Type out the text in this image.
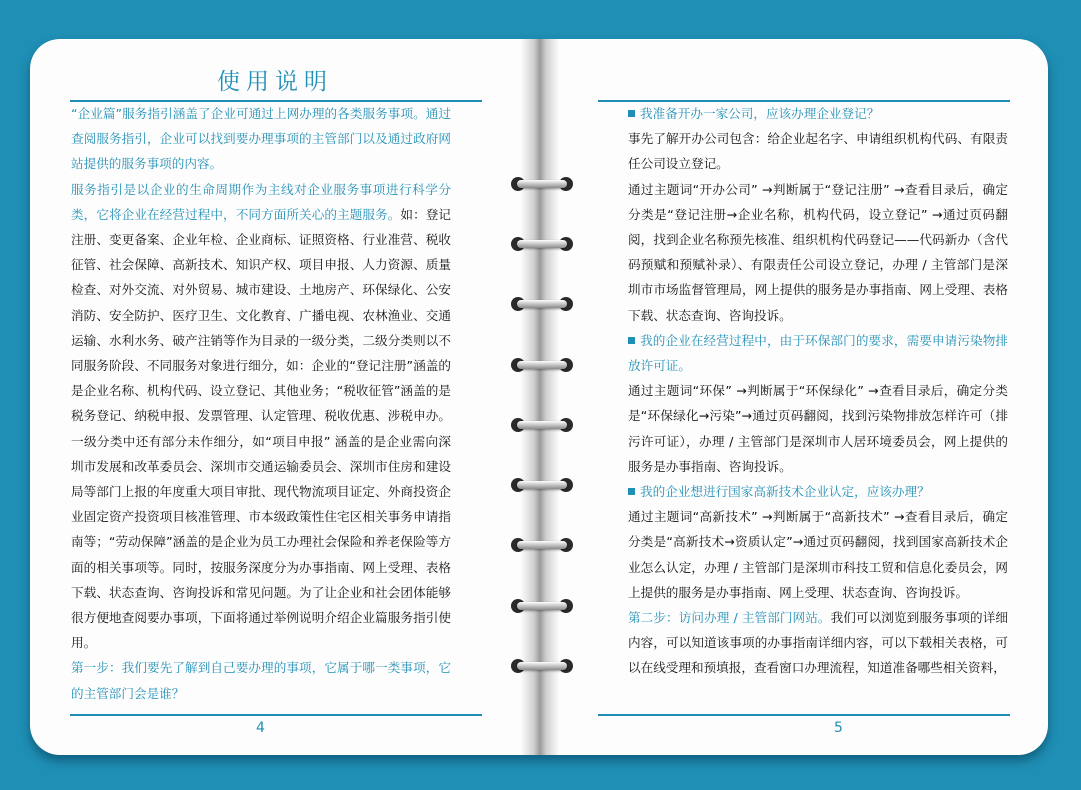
使用说明

“企业篇”服务指引涵盖了企业可通过上网办理的各类服务事项。通过查阅服务指引，企业可以找到要办理事项的主管部门以及通过政府网站提供的服务事项的内容。

服务指引是以企业的生命周期作为主线对企业服务事项进行科学分类，它将企业在经营过程中，不同方面所关心的主题服务。如：登记注册、变更备案、企业年检、企业商标、证照资格、行业准营、税收征管、社会保障、高新技术、知识产权、项目申报、人力资源、质量检查、对外交流、对外贸易、城市建设、土地房产、环保绿化、公安消防、安全防护、医疗卫生、文化教育、广播电视、农林渔业、交通运输、水利水务、破产注销等作为目录的一级分类，二级分类则以不同服务阶段、不同服务对象进行细分，如：企业的“登记注册”涵盖的是企业名称、机构代码、设立登记、其他业务；“税收征管”涵盖的是税务登记、纳税申报、发票管理、认定管理、税收优惠、涉税申办。一级分类中还有部分未作细分，如“项目申报” 涵盖的是企业需向深圳市发展和改革委员会、深圳市交通运输委员会、深圳市住房和建设局等部门上报的年度重大项目审批、现代物流项目证定、外商投资企业固定资产投资项目核准管理、市本级政策性住宅区相关事务申请指南等；“劳动保障”涵盖的是企业为员工办理社会保险和养老保险等方面的相关事项等。同时，按服务深度分为办事指南、网上受理、表格下载、状态查询、咨询投诉和常见问题。为了让企业和社会团体能够很方便地查阅要办事项，下面将通过举例说明介绍企业篇服务指引使用。

第一步：我们要先了解到自己要办理的事项，它属于哪一类事项，它的主管部门会是谁？

4

我准备开办一家公司，应该办理企业登记？

事先了解开办公司包含：给企业起名字、申请组织机构代码、有限责任公司设立登记。

通过主题词“开办公司” →判断属于“登记注册” →查看目录后，确定分类是“登记注册→企业名称，机构代码，设立登记” →通过页码翻阅，找到企业名称预先核准、组织机构代码登记——代码新办（含代码预赋和预赋补录）、有限责任公司设立登记，办理 / 主管部门是深圳市市场监督管理局，网上提供的服务是办事指南、网上受理、表格下载、状态查询、咨询投诉。

我的企业在经营过程中，由于环保部门的要求，需要申请污染物排放许可证。

通过主题词“环保” →判断属于“环保绿化” →查看目录后，确定分类是“环保绿化→污染”→通过页码翻阅，找到污染物排放怎样许可（排污许可证），办理 / 主管部门是深圳市人居环境委员会，网上提供的服务是办事指南、咨询投诉。

我的企业想进行国家高新技术企业认定，应该办理？

通过主题词“高新技术” →判断属于“高新技术” →查看目录后，确定分类是“高新技术→资质认定”→通过页码翻阅，找到国家高新技术企业怎么认定，办理 / 主管部门是深圳市科技工贸和信息化委员会，网上提供的服务是办事指南、网上受理、状态查询、咨询投诉。

第二步：访问办理 / 主管部门网站。我们可以浏览到服务事项的详细内容，可以知道该事项的办事指南详细内容，可以下载相关表格，可以在线受理和预填报，查看窗口办理流程，知道准备哪些相关资料，

5
